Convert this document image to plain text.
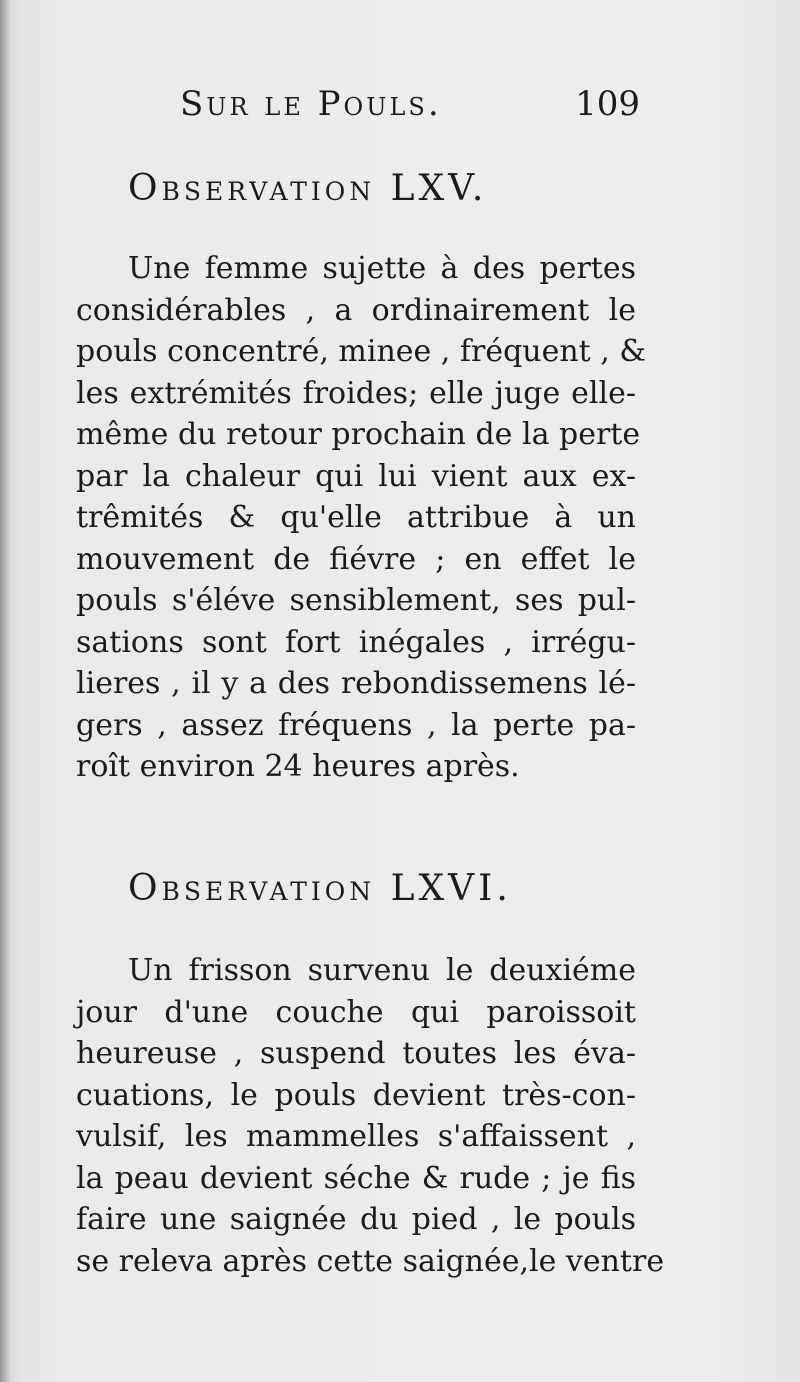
Sur le Pouls.	109
Observation LXV.
Une femme sujette à des pertes
considérables , a ordinairement le
pouls concentré, minee , fréquent , &
les extrémités froides; elle juge elle-
même du retour prochain de la perte
par la chaleur qui lui vient aux ex-
trêmités & qu'elle attribue à un
mouvement de fiévre ; en effet le
pouls s'éléve sensiblement, ses pul-
sations sont fort inégales , irrégu-
lieres , il y a des rebondissemens lé-
gers , assez fréquens , la perte pa-
roît environ 24 heures après.
Observation LXVI.
Un frisson survenu le deuxiéme
jour d'une couche qui paroissoit
heureuse , suspend toutes les éva-
cuations, le pouls devient très-con-
vulsif, les mammelles s'affaissent ,
la peau devient séche & rude ; je fis
faire une saignée du pied , le pouls
se releva après cette saignée,le ventre
